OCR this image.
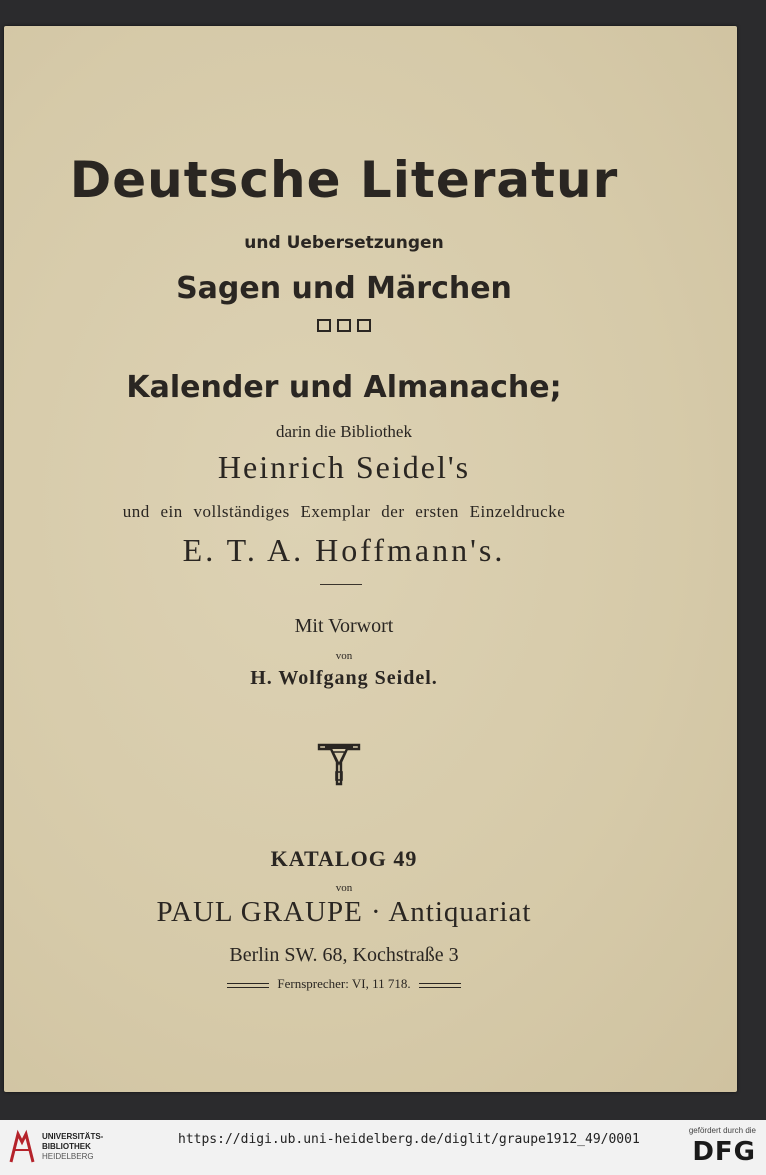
Deutsche Literatur
und Uebersetzungen
Sagen und Märchen
Kalender und Almanache;
darin die Bibliothek
Heinrich Seidel's
und ein vollständiges Exemplar der ersten Einzeldrucke
E. T. A. Hoffmann's.
Mit Vorwort
von
H. Wolfgang Seidel.
KATALOG 49
von
PAUL GRAUPE · Antiquariat
Berlin SW. 68, Kochstraße 3
Fernsprecher: VI, 11 718.
UNIVERSITÄTS-
BIBLIOTHEK
HEIDELBERG
https://digi.ub.uni-heidelberg.de/diglit/graupe1912_49/0001
gefördert durch die
DFG
